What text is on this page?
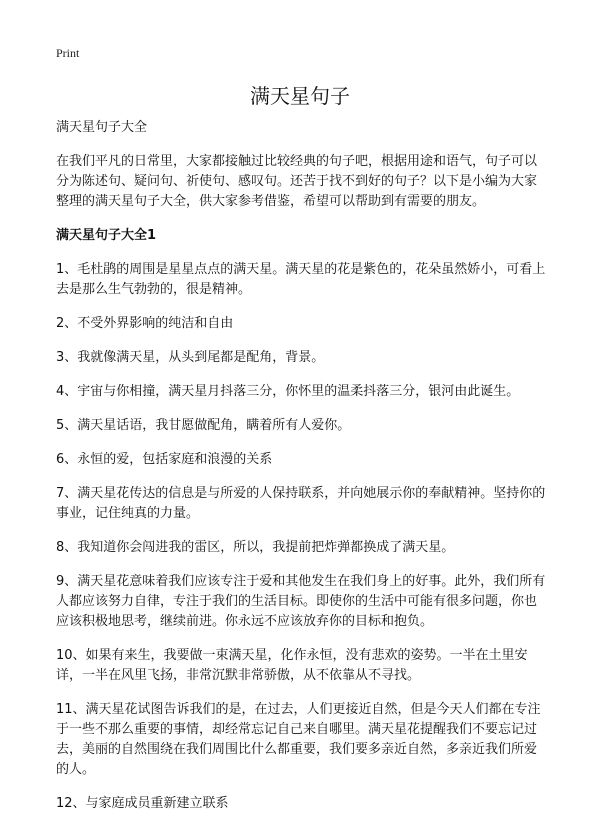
Print
满天星句子

满天星句子大全

在我们平凡的日常里，大家都接触过比较经典的句子吧，根据用途和语气，句子可以分为陈述句、疑问句、祈使句、感叹句。还苦于找不到好的句子？以下是小编为大家整理的满天星句子大全，供大家参考借鉴，希望可以帮助到有需要的朋友。

满天星句子大全1

1、毛杜鹃的周围是星星点点的满天星。满天星的花是紫色的，花朵虽然娇小，可看上去是那么生气勃勃的，很是精神。

2、不受外界影响的纯洁和自由

3、我就像满天星，从头到尾都是配角，背景。

4、宇宙与你相撞，满天星月抖落三分，你怀里的温柔抖落三分，银河由此诞生。

5、满天星话语，我甘愿做配角，瞒着所有人爱你。

6、永恒的爱，包括家庭和浪漫的关系

7、满天星花传达的信息是与所爱的人保持联系，并向她展示你的奉献精神。坚持你的事业，记住纯真的力量。

8、我知道你会闯进我的雷区，所以，我提前把炸弹都换成了满天星。

9、满天星花意味着我们应该专注于爱和其他发生在我们身上的好事。此外，我们所有人都应该努力自律，专注于我们的生活目标。即使你的生活中可能有很多问题，你也应该积极地思考，继续前进。你永远不应该放弃你的目标和抱负。

10、如果有来生，我要做一束满天星，化作永恒，没有悲欢的姿势。一半在土里安详，一半在风里飞扬，非常沉默非常骄傲，从不依靠从不寻找。

11、满天星花试图告诉我们的是，在过去，人们更接近自然，但是今天人们都在专注于一些不那么重要的事情，却经常忘记自己来自哪里。满天星花提醒我们不要忘记过去，美丽的自然围绕在我们周围比什么都重要，我们要多亲近自然，多亲近我们所爱的人。

12、与家庭成员重新建立联系
